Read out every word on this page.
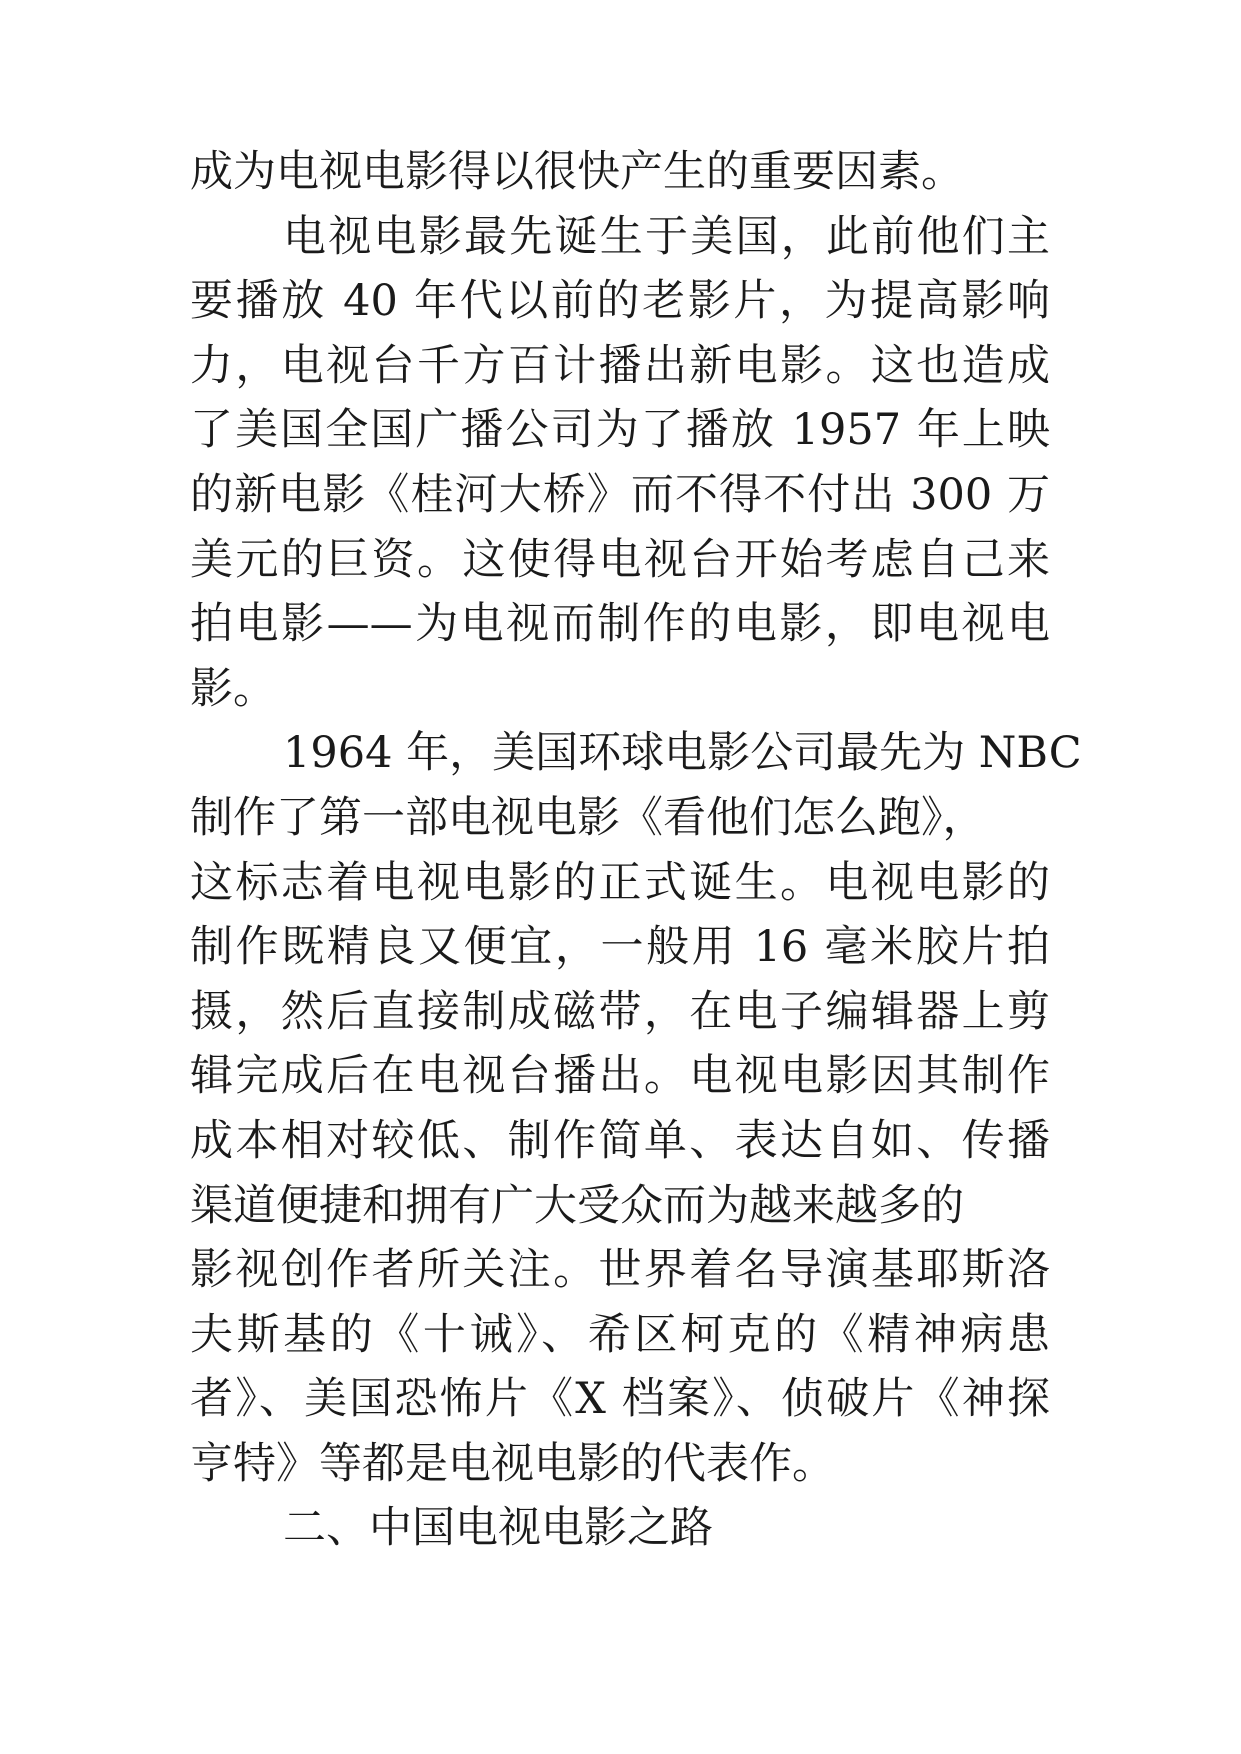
成为电视电影得以很快产生的重要因素。
电视电影最先诞生于美国，此前他们主
要播放 40 年代以前的老影片，为提高影响
力，电视台千方百计播出新电影。这也造成
了美国全国广播公司为了播放 1957 年上映
的新电影《桂河大桥》而不得不付出 300 万
美元的巨资。这使得电视台开始考虑自己来
拍电影——为电视而制作的电影，即电视电
影。
1964 年，美国环球电影公司最先为 NBC
制作了第一部电视电影《看他们怎么跑》，
这标志着电视电影的正式诞生。电视电影的
制作既精良又便宜，一般用 16 毫米胶片拍
摄，然后直接制成磁带，在电子编辑器上剪
辑完成后在电视台播出。电视电影因其制作
成本相对较低、制作简单、表达自如、传播
渠道便捷和拥有广大受众而为越来越多的
影视创作者所关注。世界着名导演基耶斯洛
夫斯基的《十诫》、希区柯克的《精神病患
者》、美国恐怖片《X 档案》、侦破片《神探
亨特》等都是电视电影的代表作。
二、中国电视电影之路
